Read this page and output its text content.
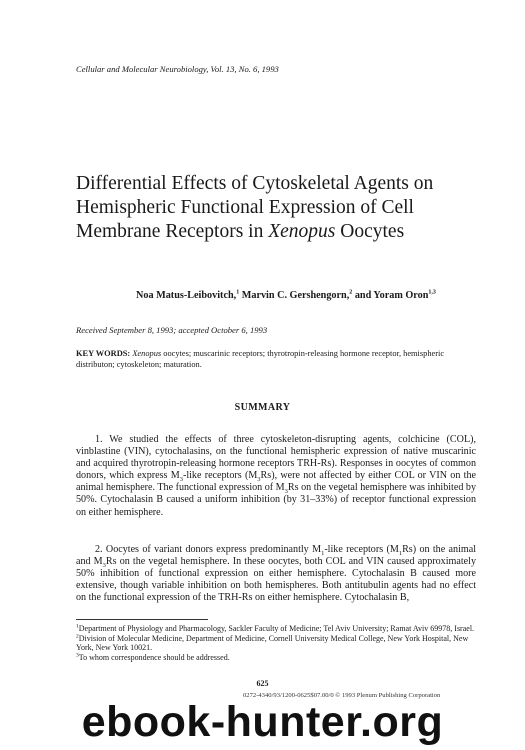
Cellular and Molecular Neurobiology, Vol. 13, No. 6, 1993
Differential Effects of Cytoskeletal Agents on Hemispheric Functional Expression of Cell Membrane Receptors in Xenopus Oocytes
Noa Matus-Leibovitch,$^1$ Marvin C. Gershengorn,$^2$ and Yoram Oron$^{1,3}$
Received September 8, 1993; accepted October 6, 1993
KEY WORDS: Xenopus oocytes; muscarinic receptors; thyrotropin-releasing hormone receptor, hemispheric distributon; cytoskeleton; maturation.
SUMMARY

1. We studied the effects of three cytoskeleton-disrupting agents, colchicine (COL), vinblastine (VIN), cytochalasins, on the functional hemispheric expression of native muscarinic and acquired thyrotropin-releasing hormone receptors TRH-Rs). Responses in oocytes of common donors, which express $M_3$-like receptors $(M_3Rs)$, were not affected by either COL or VIN on the animal hemisphere. The functional expression of $M_3Rs$ on the vegetal hemisphere was inhibited by 50%. Cytochalasin B caused a uniform inhibition (by 31–33%) of receptor functional expression on either hemisphere.

2. Oocytes of variant donors express predominantly $M_1$-like receptors $(M_1Rs)$ on the animal and $M_3Rs$ on the vegetal hemisphere. In these oocytes, both COL and VIN caused approximately 50% inhibition of functional expression on either hemisphere. Cytochalasin B caused more extensive, though variable inhibition on both hemispheres. Both antitubulin agents had no effect on the functional expression of the TRH-Rs on either hemisphere. Cytochalasin B,

$^1$Department of Physiology and Pharmacology, Sackler Faculty of Medicine; Tel Aviv University; Ramat Aviv 69978, Israel.

$^2$Division of Molecular Medicine, Department of Medicine, Cornell University Medical College, New York Hospital, New York, New York 10021.

$^3$To whom correspondence should be addressed.

625
0272-4340/93/1200-0625$07.00/0 © 1993 Plenum Publishing Corporation
ebook-hunter.org
